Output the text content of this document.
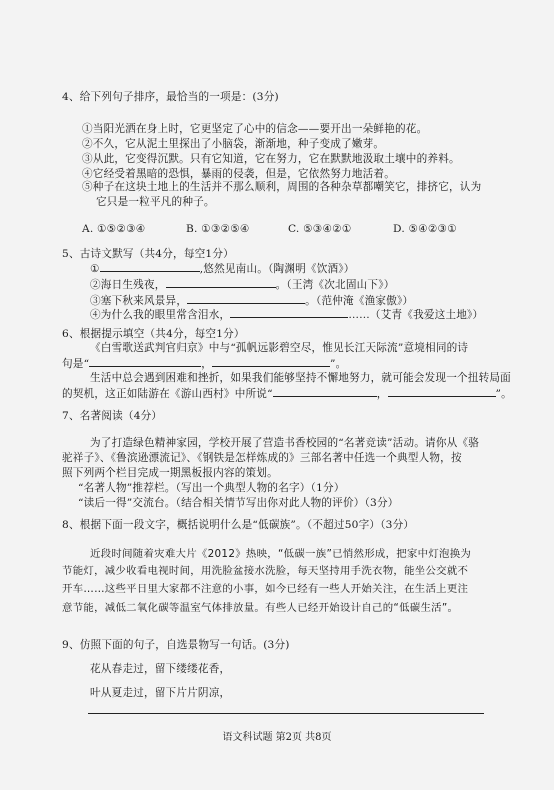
4、给下列句子排序，最恰当的一项是：(3分)
①当阳光洒在身上时，它更坚定了心中的信念——要开出一朵鲜艳的花。
②不久，它从泥土里探出了小脑袋，渐渐地，种子变成了嫩芽。
③从此，它变得沉默。只有它知道，它在努力，它在默默地汲取土壤中的养料。
④它经受着黑暗的恐惧，暴雨的侵袭，但是，它依然努力地活着。
⑤种子在这块土地上的生活并不那么顺利，周围的各种杂草都嘲笑它，排挤它，认为
它只是一粒平凡的种子。
A. ①⑤②③④	B. ①③②⑤④	C. ⑤③④②①	D. ⑤④②③①
5、古诗文默写（共4分，每空1分）
①	,悠然见南山。（陶渊明《饮酒》）
②海日生残夜，	。（王湾《次北固山下》）
③塞下秋来风景异，	。（范仲淹《渔家傲》）
④为什么我的眼里常含泪水，	……（艾青《我爱这土地》）
6、根据提示填空（共4分，每空1分）
《白雪歌送武判官归京》中与“孤帆远影碧空尽，惟见长江天际流”意境相同的诗
句是“	，	”。
生活中总会遇到困难和挫折，如果我们能够坚持不懈地努力，就可能会发现一个扭转局面
的契机，这正如陆游在《游山西村》中所说“	，	”。
7、名著阅读（4分）
为了打造绿色精神家园，学校开展了营造书香校园的“名著竞读”活动。请你从《骆
驼祥子》、《鲁滨逊漂流记》、《钢铁是怎样炼成的》三部名著中任选一个典型人物，按
照下列两个栏目完成一期黑板报内容的策划。
“名著人物”推荐栏。（写出一个典型人物的名字）（1分）
“读后一得”交流台。（结合相关情节写出你对此人物的评价）（3分）
8、根据下面一段文字，概括说明什么是“低碳族”。（不超过50字）（3分）
近段时间随着灾难大片《2012》热映，“低碳一族”已悄然形成，把家中灯泡换为
节能灯，减少收看电视时间，用洗脸盆接水洗脸，每天坚持用手洗衣物，能坐公交就不
开车……这些平日里大家都不注意的小事，如今已经有一些人开始关注，在生活上更注
意节能，减低二氧化碳等温室气体排放量。有些人已经开始设计自己的“低碳生活”。
9、仿照下面的句子，自选景物写一句话。(3分)
花从春走过，留下缕缕花香，
叶从夏走过，留下片片阴凉，
语文科试题 第2页 共8页
